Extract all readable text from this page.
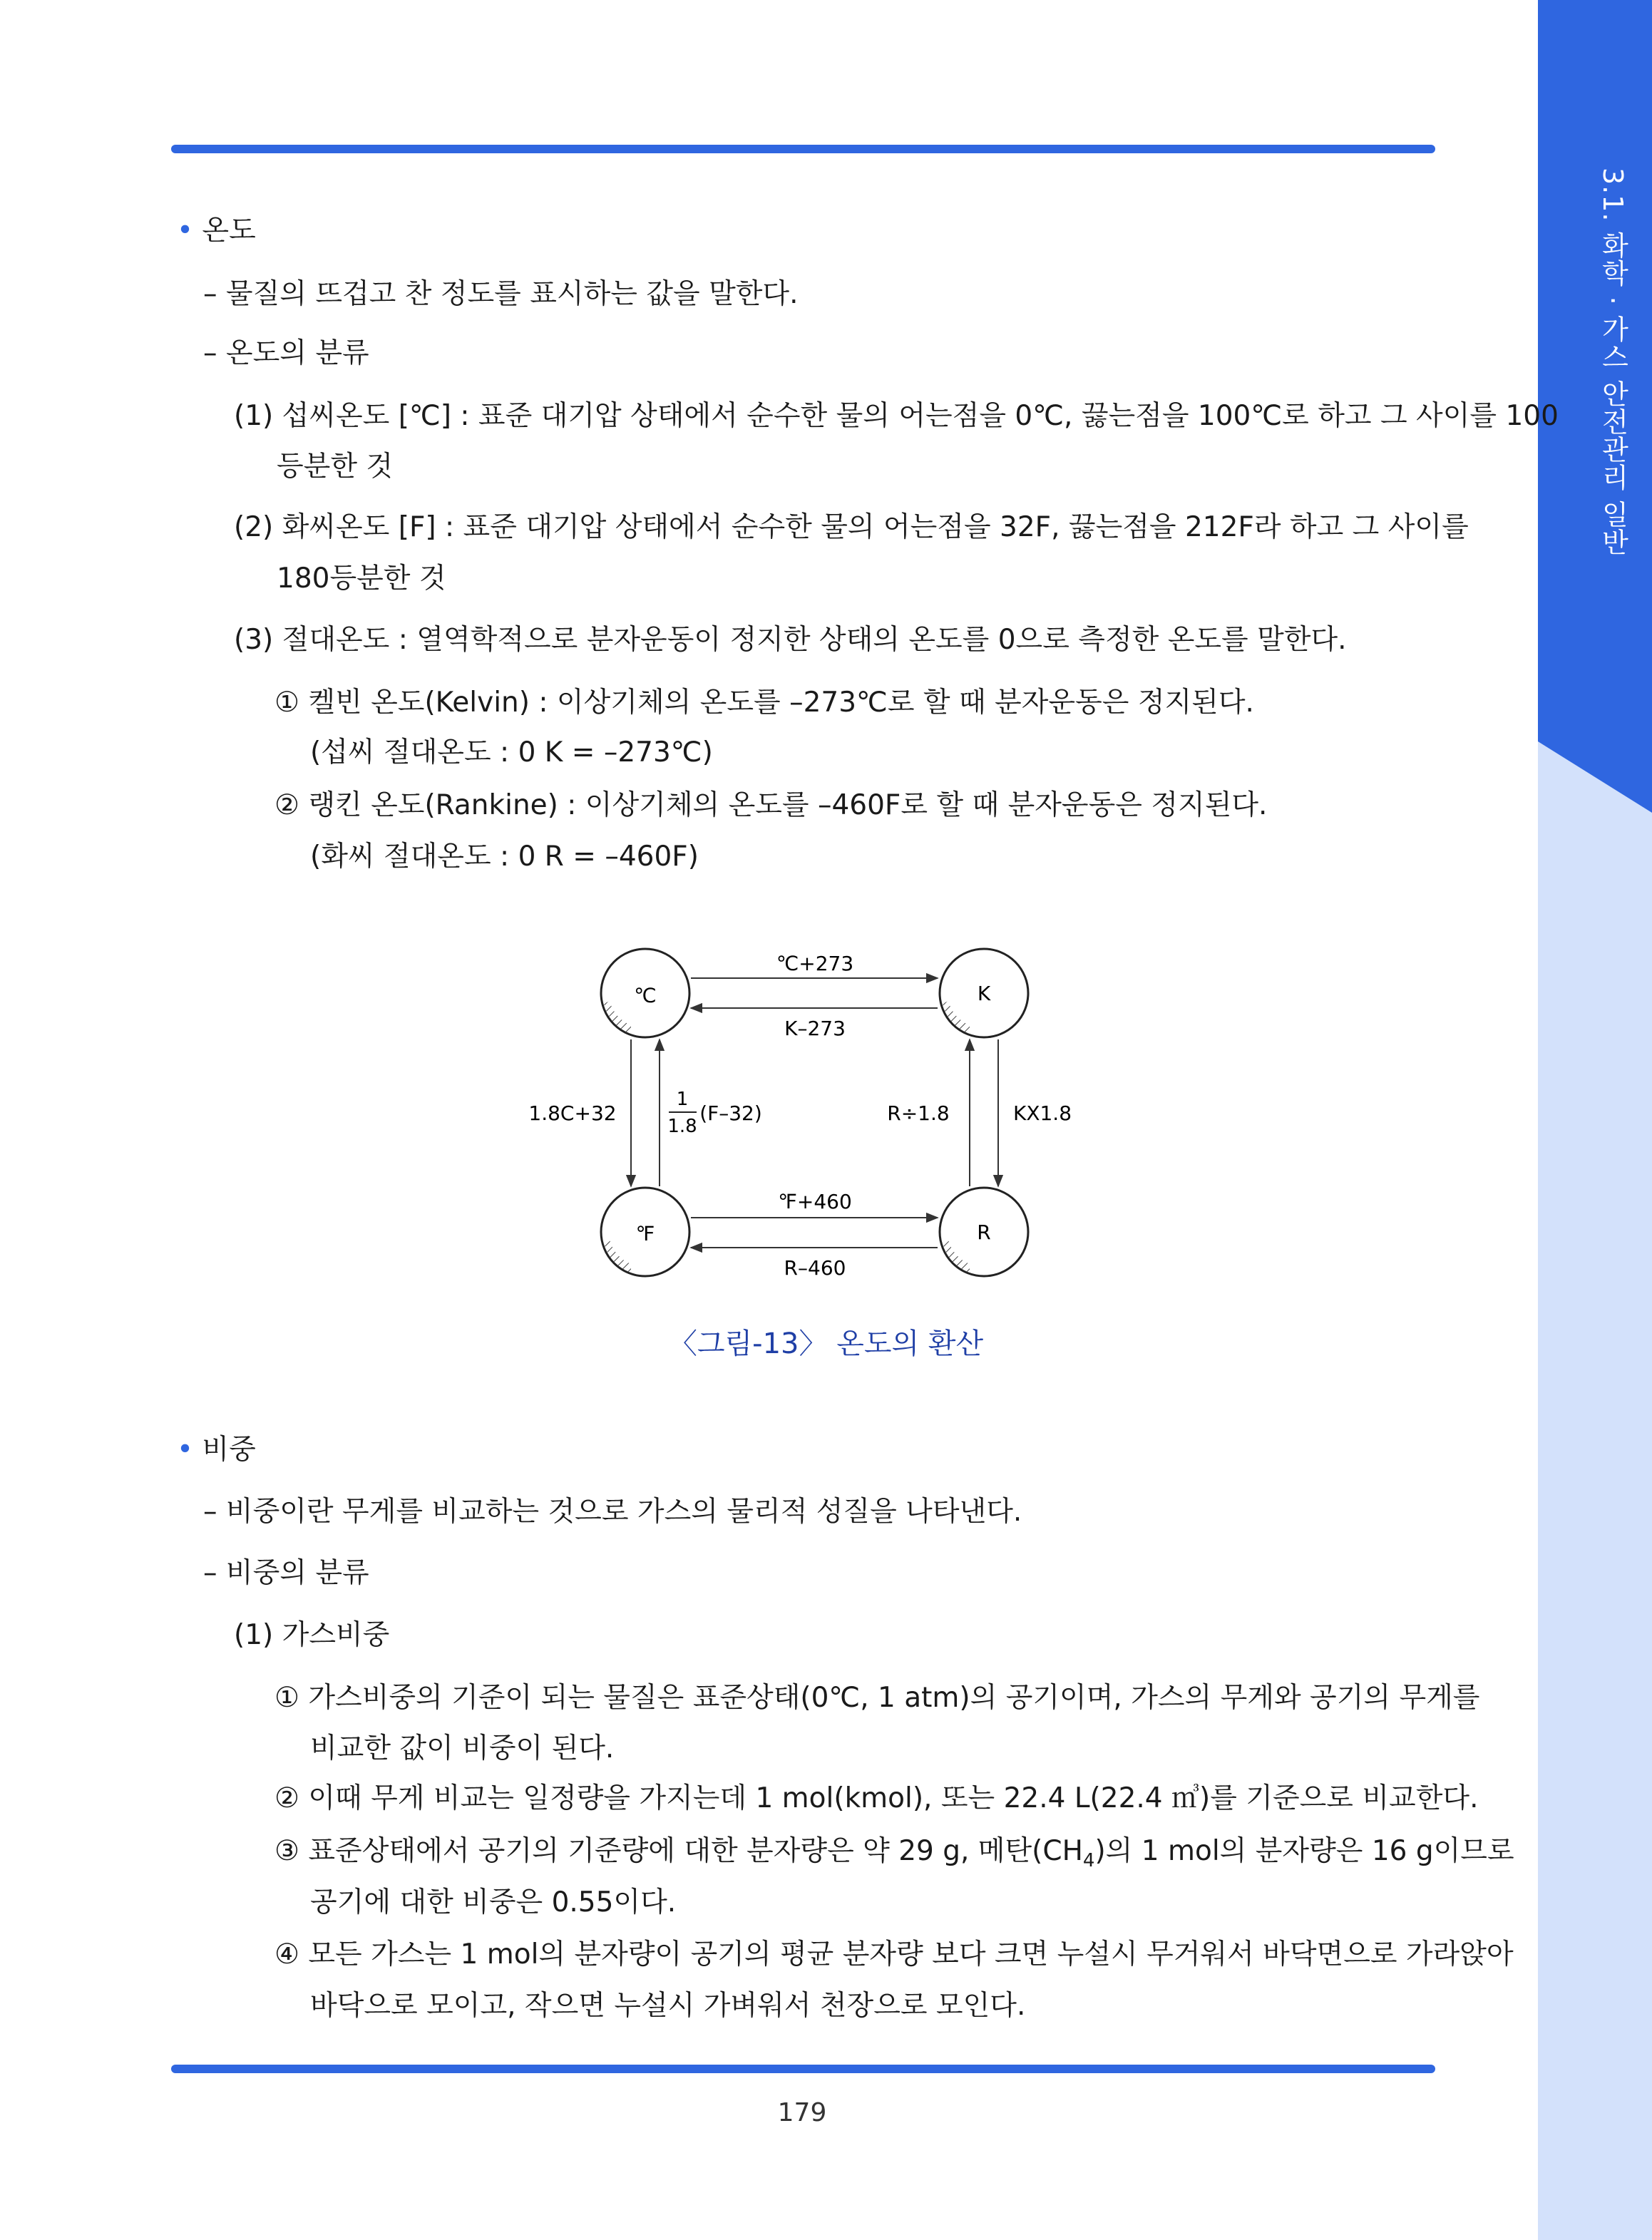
3.1. 화학 · 가스 안전관리 일반
• 온도
– 물질의 뜨겁고 찬 정도를 표시하는 값을 말한다.
– 온도의 분류
(1) 섭씨온도 [℃] : 표준 대기압 상태에서 순수한 물의 어는점을 0℃, 끓는점을 100℃로 하고 그 사이를 100
등분한 것
(2) 화씨온도 [F] : 표준 대기압 상태에서 순수한 물의 어는점을 32F, 끓는점을 212F라 하고 그 사이를
180등분한 것
(3) 절대온도 : 열역학적으로 분자운동이 정지한 상태의 온도를 0으로 측정한 온도를 말한다.
① 켈빈 온도(Kelvin) : 이상기체의 온도를 –273℃로 할 때 분자운동은 정지된다.
(섭씨 절대온도 : 0 K = –273℃)
② 랭킨 온도(Rankine) : 이상기체의 온도를 –460F로 할 때 분자운동은 정지된다.
(화씨 절대온도 : 0 R = –460F)
℃	K
℉	R
℃+273
K–273
℉+460
R–460
1.8C+32
1
1.8
(F–32)	R÷1.8	KX1.8
〈그림-13〉 온도의 환산
• 비중
– 비중이란 무게를 비교하는 것으로 가스의 물리적 성질을 나타낸다.
– 비중의 분류
(1) 가스비중
① 가스비중의 기준이 되는 물질은 표준상태(0℃, 1 atm)의 공기이며, 가스의 무게와 공기의 무게를
비교한 값이 비중이 된다.
② 이때 무게 비교는 일정량을 가지는데 1 mol(kmol), 또는 22.4 L(22.4 ㎥)를 기준으로 비교한다.
③ 표준상태에서 공기의 기준량에 대한 분자량은 약 29 g, 메탄$(CH_4)$의 1 mol의 분자량은 16 g이므로
공기에 대한 비중은 0.55이다.
④ 모든 가스는 1 mol의 분자량이 공기의 평균 분자량 보다 크면 누설시 무거워서 바닥면으로 가라앉아
바닥으로 모이고, 작으면 누설시 가벼워서 천장으로 모인다.
179
